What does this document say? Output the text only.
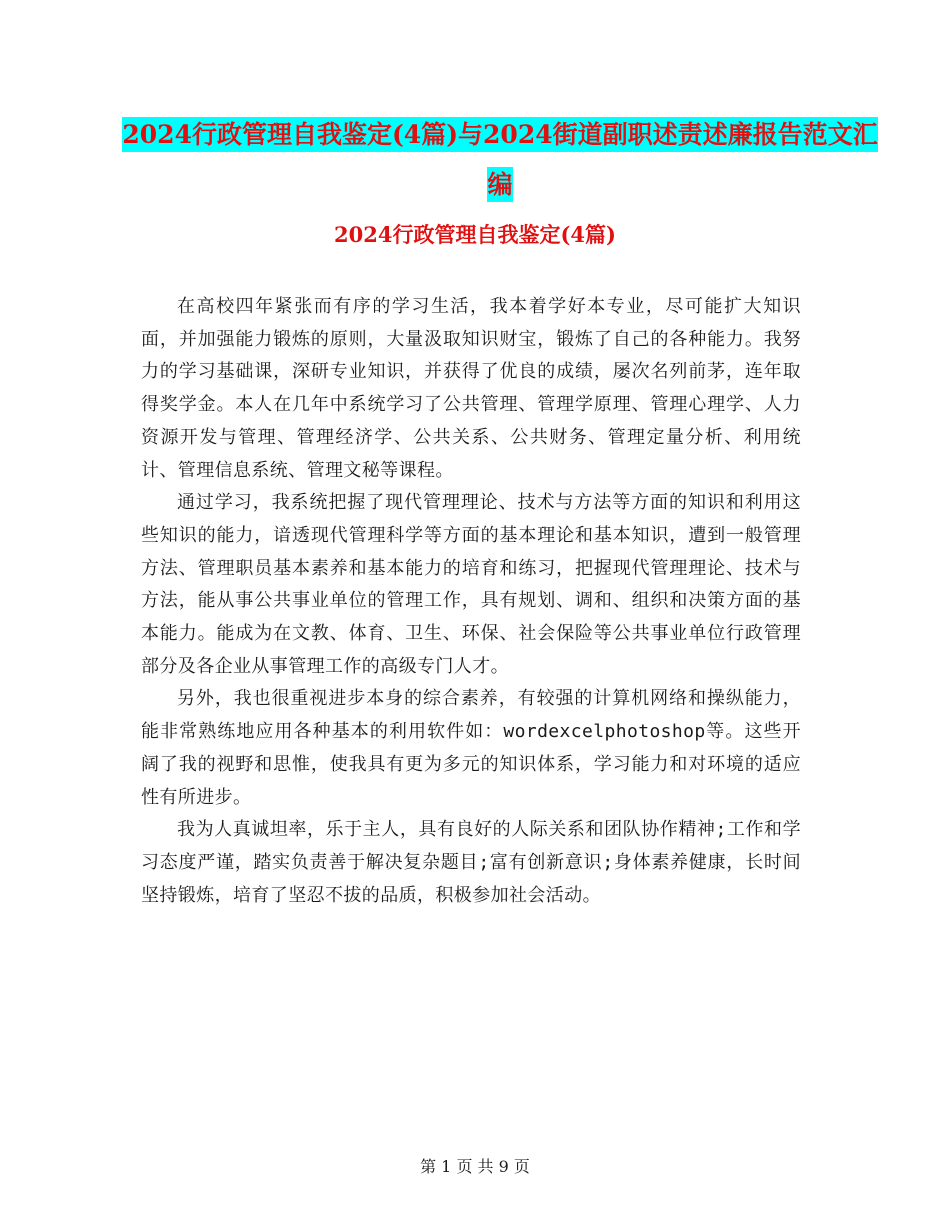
2024行政管理自我鉴定(4篇)与2024街道副职述责述廉报告范文汇编
2024行政管理自我鉴定(4篇)

在高校四年紧张而有序的学习生活，我本着学好本专业，尽可能扩大知识面，并加强能力锻炼的原则，大量汲取知识财宝，锻炼了自己的各种能力。我努力的学习基础课，深研专业知识，并获得了优良的成绩，屡次名列前茅，连年取得奖学金。本人在几年中系统学习了公共管理、管理学原理、管理心理学、人力资源开发与管理、管理经济学、公共关系、公共财务、管理定量分析、利用统计、管理信息系统、管理文秘等课程。

通过学习，我系统把握了现代管理理论、技术与方法等方面的知识和利用这些知识的能力，谙透现代管理科学等方面的基本理论和基本知识，遭到一般管理方法、管理职员基本素养和基本能力的培育和练习，把握现代管理理论、技术与方法，能从事公共事业单位的管理工作，具有规划、调和、组织和决策方面的基本能力。能成为在文教、体育、卫生、环保、社会保险等公共事业单位行政管理部分及各企业从事管理工作的高级专门人才。

另外，我也很重视进步本身的综合素养，有较强的计算机网络和操纵能力，能非常熟练地应用各种基本的利用软件如：wordexcelphotoshop等。这些开阔了我的视野和思惟，使我具有更为多元的知识体系，学习能力和对环境的适应性有所进步。

我为人真诚坦率，乐于主人，具有良好的人际关系和团队协作精神;工作和学习态度严谨，踏实负责善于解决复杂题目;富有创新意识;身体素养健康，长时间坚持锻炼，培育了坚忍不拔的品质，积极参加社会活动。

第 1 页 共 9 页
